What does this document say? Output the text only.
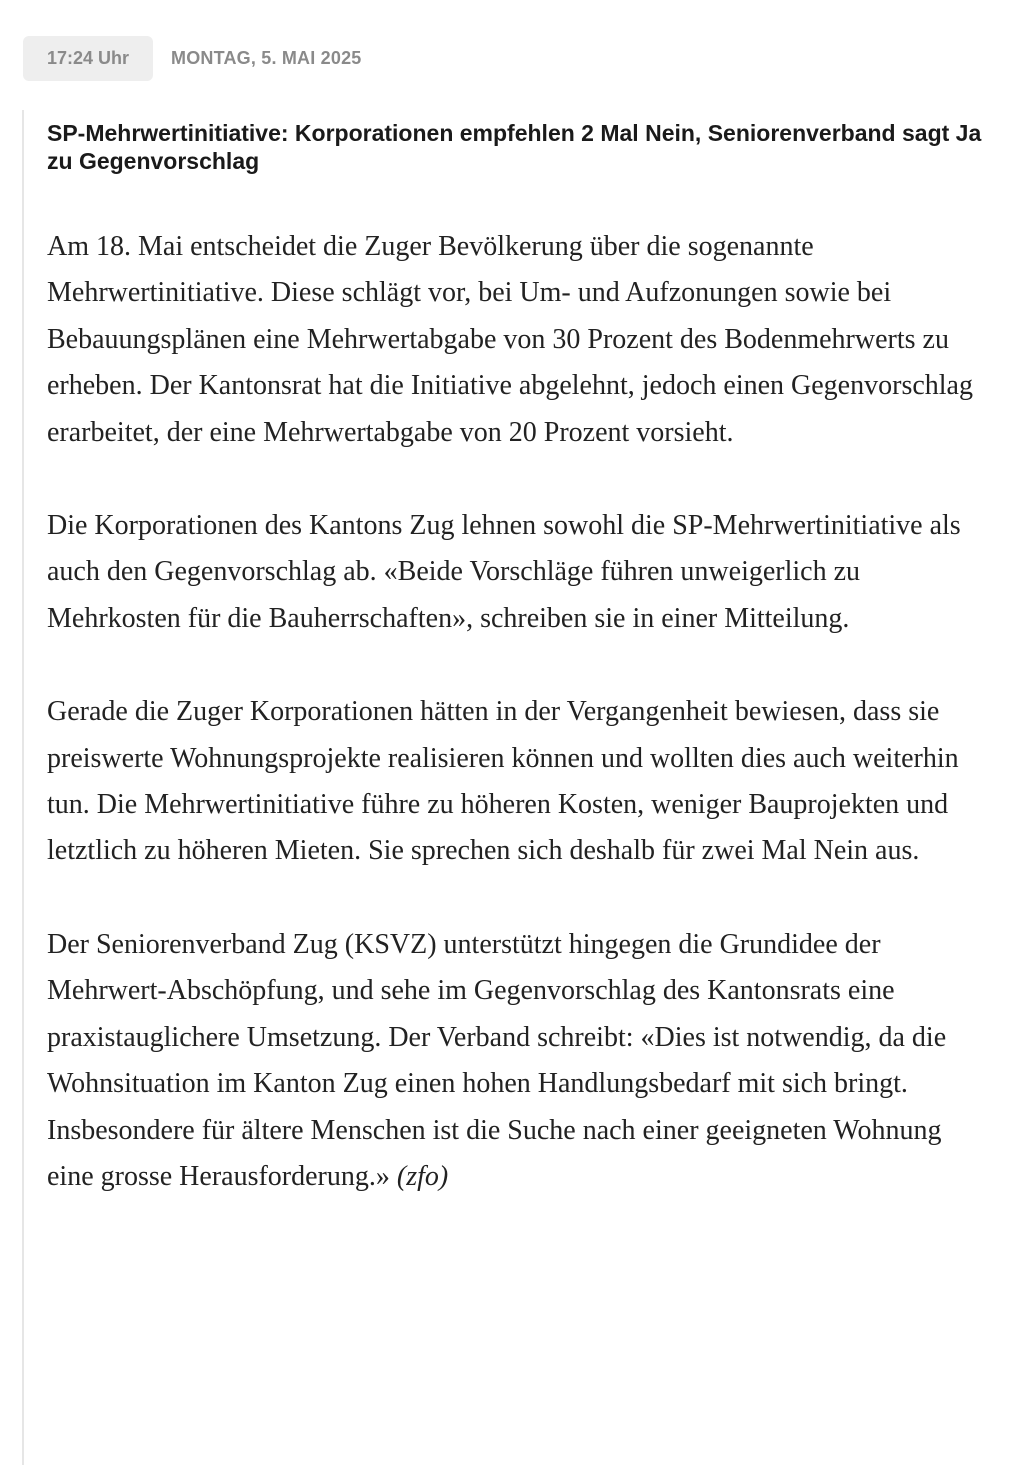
17:24 Uhr	MONTAG, 5. MAI 2025
SP-Mehrwertinitiative: Korporationen empfehlen 2 Mal Nein, Seniorenverband sagt Ja zu Gegenvorschlag

Am 18. Mai entscheidet die Zuger Bevölkerung über die sogenannte Mehrwertinitiative. Diese schlägt vor, bei Um- und Aufzonungen sowie bei Bebauungsplänen eine Mehrwertabgabe von 30 Prozent des Bodenmehrwerts zu erheben. Der Kantonsrat hat die Initiative abgelehnt, jedoch einen Gegenvorschlag erarbeitet, der eine Mehrwertabgabe von 20 Prozent vorsieht.

Die Korporationen des Kantons Zug lehnen sowohl die SP-Mehrwertinitiative als auch den Gegenvorschlag ab. «Beide Vorschläge führen unweigerlich zu Mehrkosten für die Bauherrschaften», schreiben sie in einer Mitteilung.

Gerade die Zuger Korporationen hätten in der Vergangenheit bewiesen, dass sie preiswerte Wohnungsprojekte realisieren können und wollten dies auch weiterhin tun. Die Mehrwertinitiative führe zu höheren Kosten, weniger Bauprojekten und letztlich zu höheren Mieten. Sie sprechen sich deshalb für zwei Mal Nein aus.

Der Seniorenverband Zug (KSVZ) unterstützt hingegen die Grundidee der Mehrwert-Abschöpfung, und sehe im Gegenvorschlag des Kantonsrats eine praxistauglichere Umsetzung. Der Verband schreibt: «Dies ist notwendig, da die Wohnsituation im Kanton Zug einen hohen Handlungsbedarf mit sich bringt. Insbesondere für ältere Menschen ist die Suche nach einer geeigneten Wohnung eine grosse Herausforderung.» (zfo)
